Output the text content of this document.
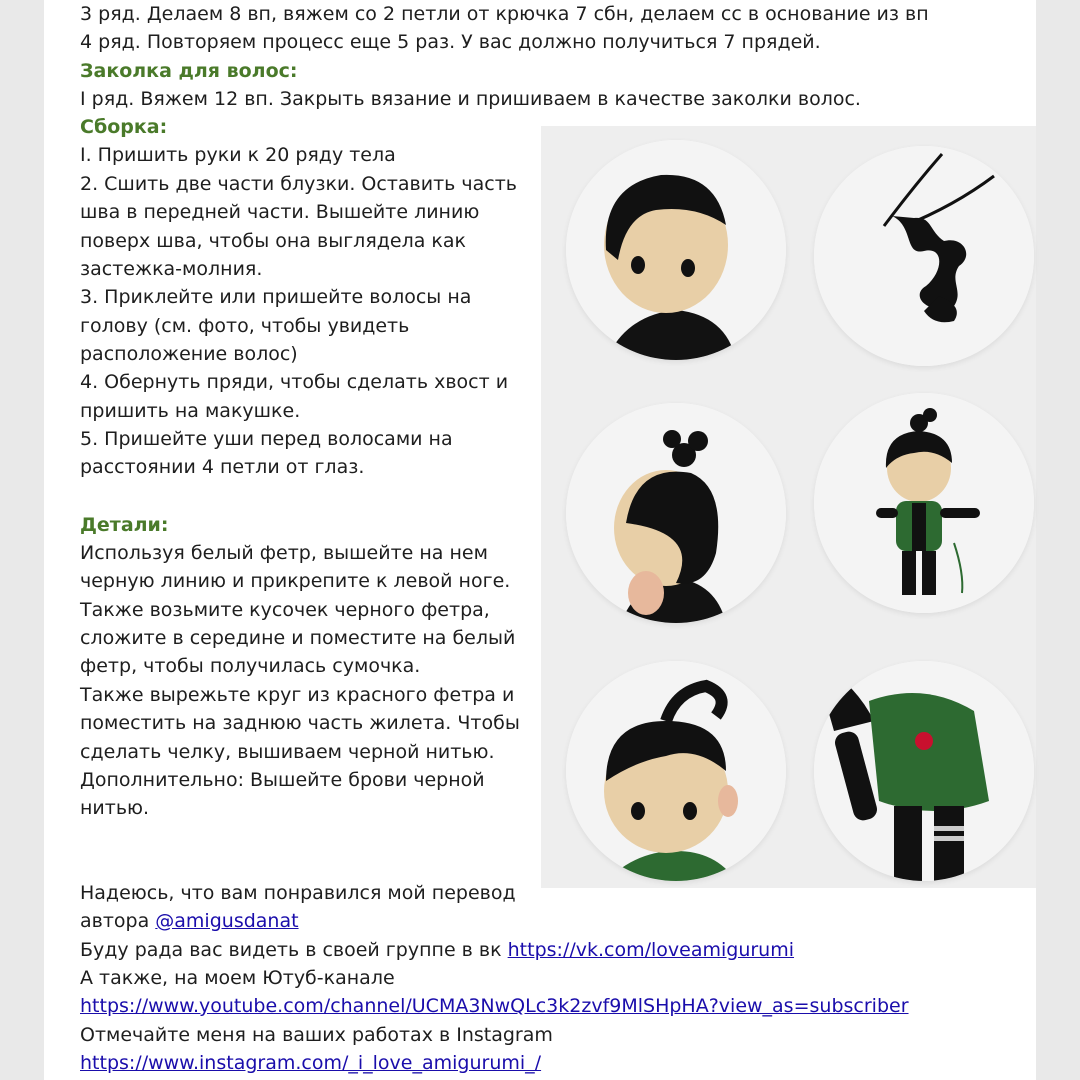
3 ряд. Делаем 8 вп, вяжем со 2 петли от крючка 7 сбн, делаем сс в основание из вп
4 ряд. Повторяем процесс еще 5 раз. У вас должно получиться 7 прядей.
Заколка для волос:
I ряд. Вяжем 12 вп. Закрыть вязание и пришиваем в качестве заколки волос.
Сборка:
I. Пришить руки к 20 ряду тела
2. Сшить две части блузки. Оставить часть
шва в передней части. Вышейте линию
поверх шва, чтобы она выглядела как
застежка-молния.
3. Приклейте или пришейте волосы на
голову (см. фото, чтобы увидеть
расположение волос)
4. Обернуть пряди, чтобы сделать хвост и
пришить на макушке.
5. Пришейте уши перед волосами на
расстоянии 4 петли от глаз.
Детали:
Используя белый фетр, вышейте на нем
черную линию и прикрепите к левой ноге.
Также возьмите кусочек черного фетра,
сложите в середине и поместите на белый
фетр, чтобы получилась сумочка.
Также вырежьте круг из красного фетра и
поместить на заднюю часть жилета. Чтобы
сделать челку, вышиваем черной нитью.
Дополнительно: Вышейте брови черной
нитью.
Надеюсь, что вам понравился мой перевод
автора @amigusdanat
Буду рада вас видеть в своей группе в вк https://vk.com/loveamigurumi
А также, на моем Ютуб-канале
https://www.youtube.com/channel/UCMA3NwQLc3k2zvf9MlSHpHA?view_as=subscriber
Отмечайте меня на ваших работах в Instagram
https://www.instagram.com/_i_love_amigurumi_/
